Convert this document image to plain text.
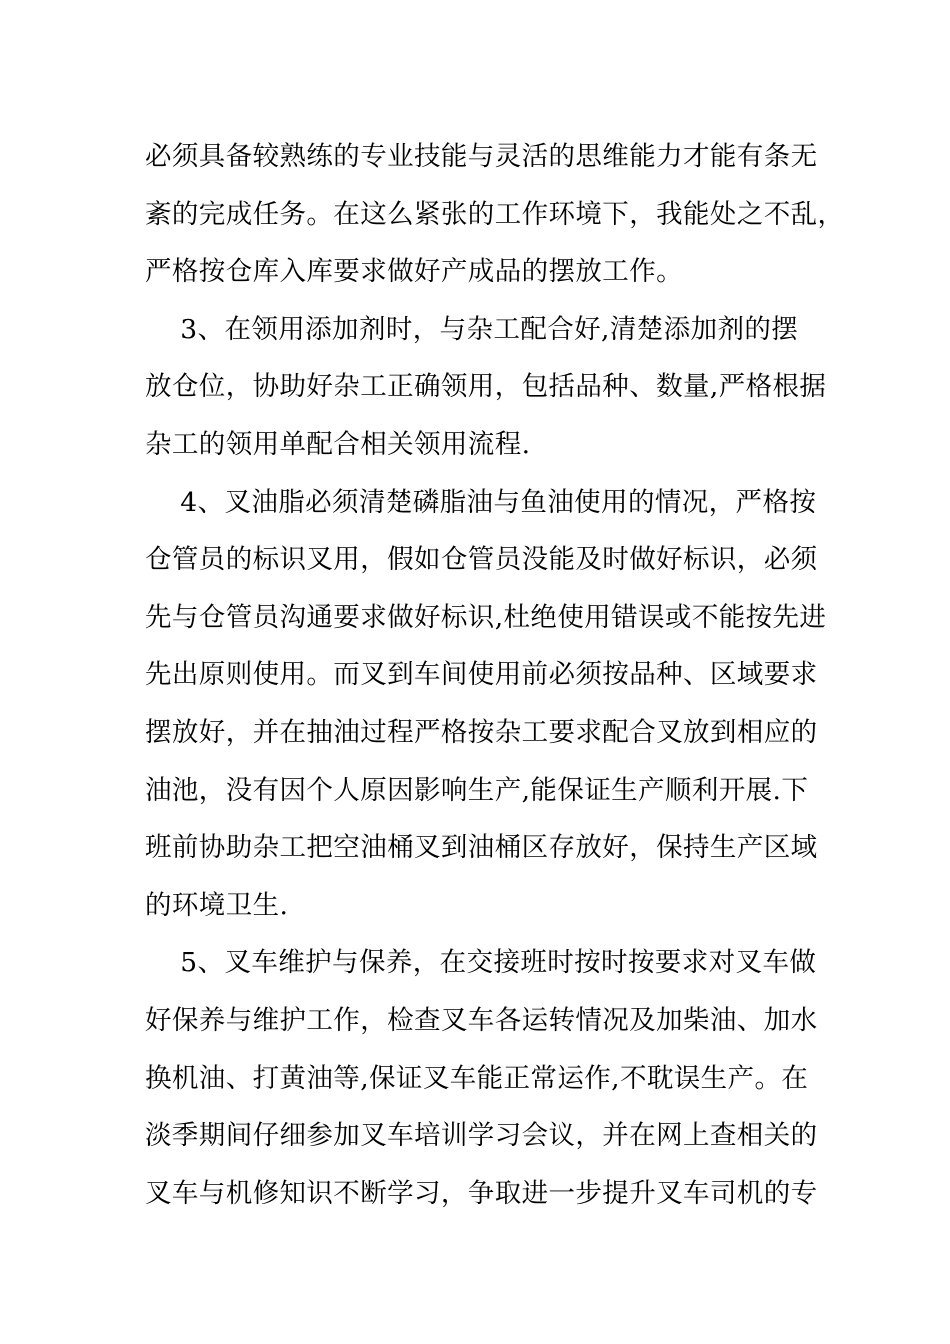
必须具备较熟练的专业技能与灵活的思维能力才能有条无
紊的完成任务。在这么紧张的工作环境下，我能处之不乱，
严格按仓库入库要求做好产成品的摆放工作。
3、在领用添加剂时，与杂工配合好,清楚添加剂的摆
放仓位，协助好杂工正确领用，包括品种、数量,严格根据
杂工的领用单配合相关领用流程.
4、叉油脂必须清楚磷脂油与鱼油使用的情况，严格按
仓管员的标识叉用，假如仓管员没能及时做好标识，必须
先与仓管员沟通要求做好标识,杜绝使用错误或不能按先进
先出原则使用。而叉到车间使用前必须按品种、区域要求
摆放好，并在抽油过程严格按杂工要求配合叉放到相应的
油池，没有因个人原因影响生产,能保证生产顺利开展.下
班前协助杂工把空油桶叉到油桶区存放好，保持生产区域
的环境卫生.
5、叉车维护与保养，在交接班时按时按要求对叉车做
好保养与维护工作，检查叉车各运转情况及加柴油、加水
换机油、打黄油等,保证叉车能正常运作,不耽误生产。在
淡季期间仔细参加叉车培训学习会议，并在网上查相关的
叉车与机修知识不断学习，争取进一步提升叉车司机的专
